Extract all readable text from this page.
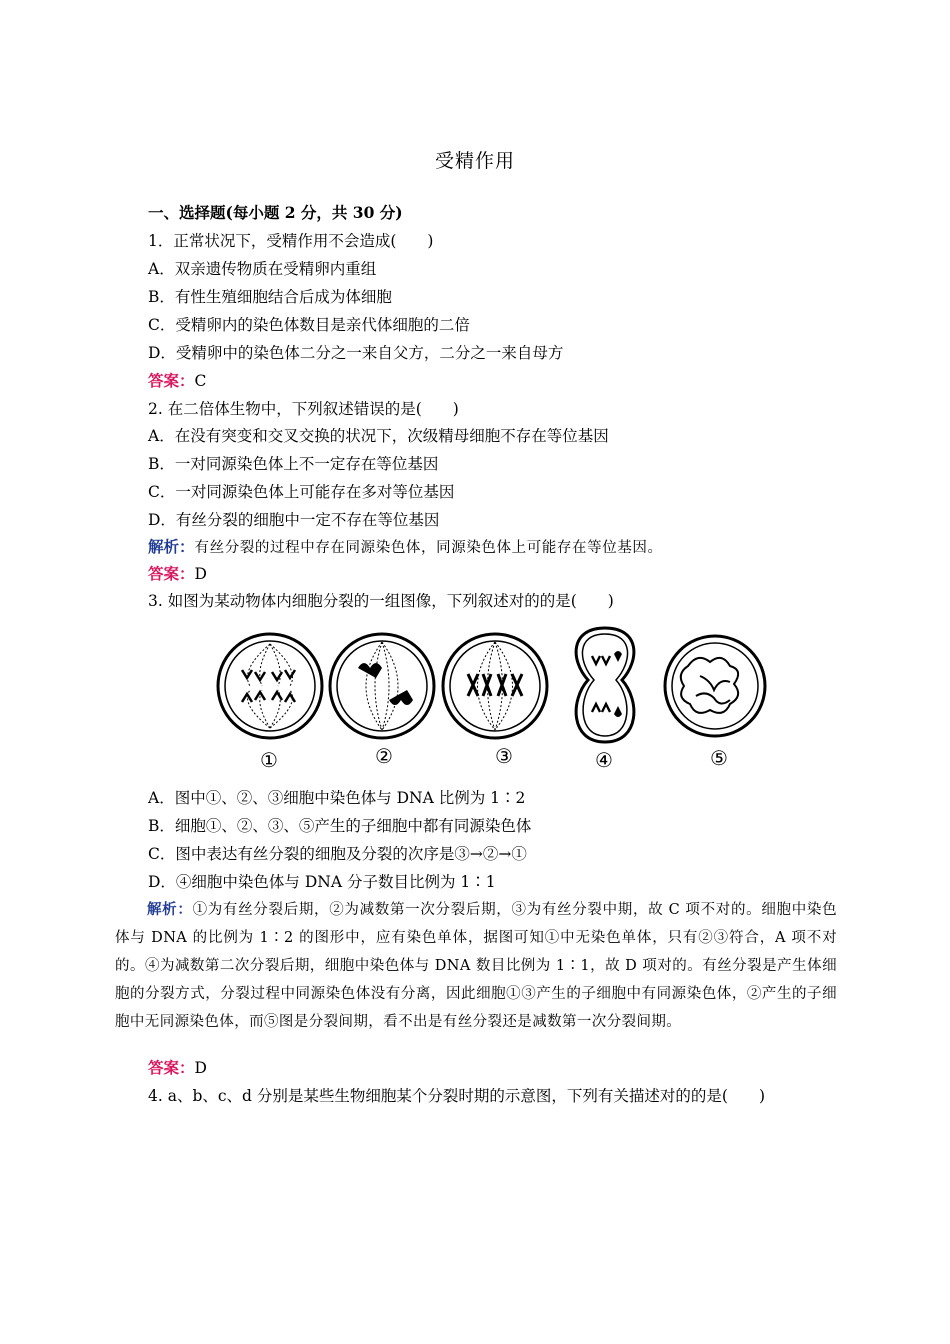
受精作用
一、选择题(每小题 2 分，共 30 分)
1．正常状况下，受精作用不会造成(　　)
A．双亲遗传物质在受精卵内重组
B．有性生殖细胞结合后成为体细胞
C．受精卵内的染色体数目是亲代体细胞的二倍
D．受精卵中的染色体二分之一来自父方，二分之一来自母方
答案：C
2. 在二倍体生物中，下列叙述错误的是(　　)
A．在没有突变和交叉交换的状况下，次级精母细胞不存在等位基因
B．一对同源染色体上不一定存在等位基因
C．一对同源染色体上可能存在多对等位基因
D．有丝分裂的细胞中一定不存在等位基因
解析：有丝分裂的过程中存在同源染色体，同源染色体上可能存在等位基因。
答案：D
3. 如图为某动物体内细胞分裂的一组图像，下列叙述对的的是(　　)
①	②	③	④	⑤
A．图中①、②、③细胞中染色体与 DNA 比例为 1∶2
B．细胞①、②、③、⑤产生的子细胞中都有同源染色体
C．图中表达有丝分裂的细胞及分裂的次序是③→②→①
D．④细胞中染色体与 DNA 分子数目比例为 1∶1
解析：①为有丝分裂后期，②为减数第一次分裂后期，③为有丝分裂中期，故 C 项不对的。细胞中染色体与 DNA 的比例为 1∶2 的图形中，应有染色单体，据图可知①中无染色单体，只有②③符合，A 项不对的。④为减数第二次分裂后期，细胞中染色体与 DNA 数目比例为 1∶1，故 D 项对的。有丝分裂是产生体细胞的分裂方式，分裂过程中同源染色体没有分离，因此细胞①③产生的子细胞中有同源染色体，②产生的子细胞中无同源染色体，而⑤图是分裂间期，看不出是有丝分裂还是减数第一次分裂间期。
答案：D
4. a、b、c、d 分别是某些生物细胞某个分裂时期的示意图，下列有关描述对的的是(　　)
